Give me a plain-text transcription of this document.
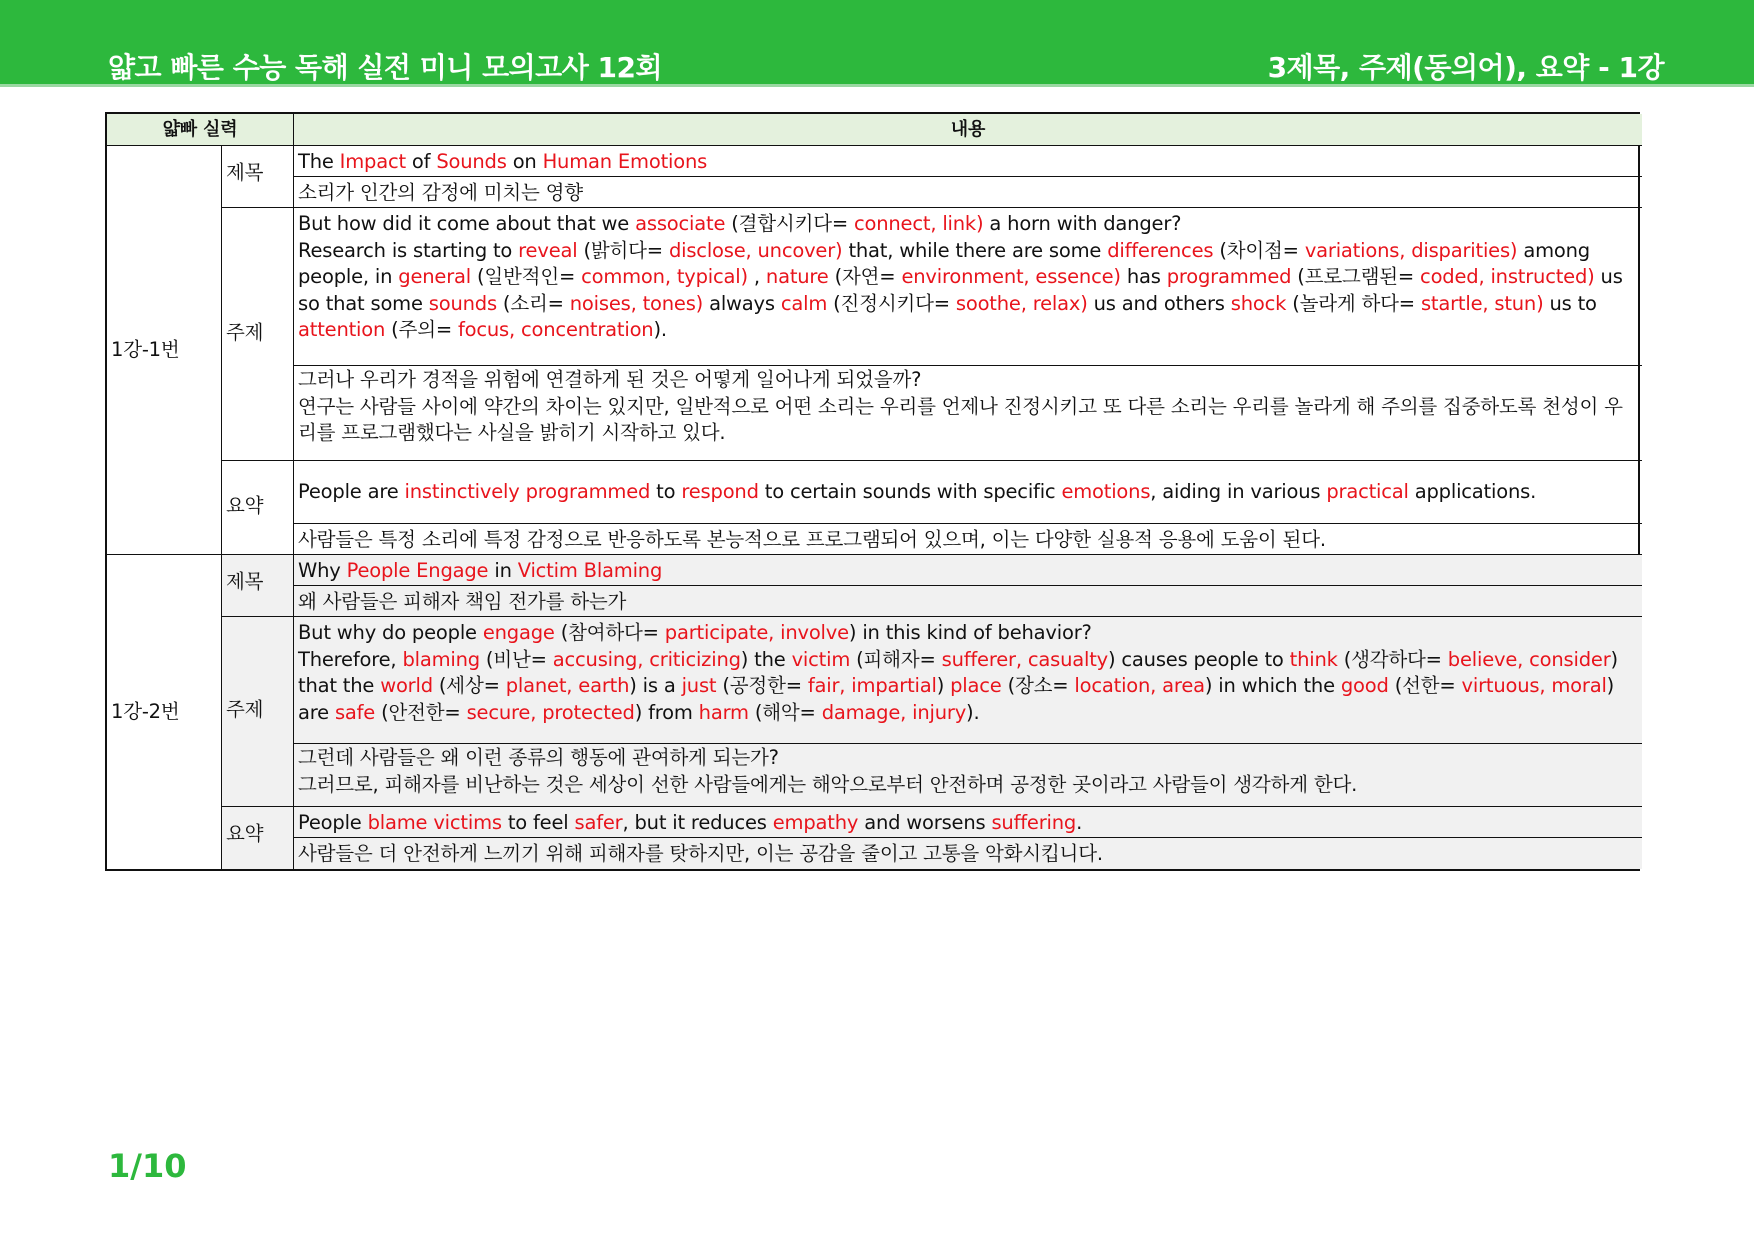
얇고 빠른 수능 독해 실전 미니 모의고사 12회	3제목, 주제(동의어), 요약 - 1강
얇빠 실력	내용
1강-1번
제목 The Impact of Sounds on Human Emotions
소리가 인간의 감정에 미치는 영향
주제
But how did it come about that we associate (결합시키다= connect, link) a horn with danger?
Research is starting to reveal (밝히다= disclose, uncover) that, while there are some differences (차이점= variations, disparities) among people, in general (일반적인= common, typical) , nature (자연= environment, essence) has programmed (프로그램된= coded, instructed) us so that some sounds (소리= noises, tones) always calm (진정시키다= soothe, relax) us and others shock (놀라게 하다= startle, stun) us to attention (주의= focus, concentration).
그러나 우리가 경적을 위험에 연결하게 된 것은 어떻게 일어나게 되었을까?
연구는 사람들 사이에 약간의 차이는 있지만, 일반적으로 어떤 소리는 우리를 언제나 진정시키고 또 다른 소리는 우리를 놀라게 해 주의를 집중하도록 천성이 우리를 프로그램했다는 사실을 밝히기 시작하고 있다.
요약
People are instinctively programmed to respond to certain sounds with specific emotions, aiding in various practical applications.
사람들은 특정 소리에 특정 감정으로 반응하도록 본능적으로 프로그램되어 있으며, 이는 다양한 실용적 응용에 도움이 된다.
1강-2번
제목 Why People Engage in Victim Blaming
왜 사람들은 피해자 책임 전가를 하는가
주제
But why do people engage (참여하다= participate, involve) in this kind of behavior?
Therefore, blaming (비난= accusing, criticizing) the victim (피해자= sufferer, casualty) causes people to think (생각하다= believe, consider) that the world (세상= planet, earth) is a just (공정한= fair, impartial) place (장소= location, area) in which the good (선한= virtuous, moral) are safe (안전한= secure, protected) from harm (해악= damage, injury).
그런데 사람들은 왜 이런 종류의 행동에 관여하게 되는가?
그러므로, 피해자를 비난하는 것은 세상이 선한 사람들에게는 해악으로부터 안전하며 공정한 곳이라고 사람들이 생각하게 한다.
요약 People blame victims to feel safer, but it reduces empathy and worsens suffering.
사람들은 더 안전하게 느끼기 위해 피해자를 탓하지만, 이는 공감을 줄이고 고통을 악화시킵니다.
1/10
